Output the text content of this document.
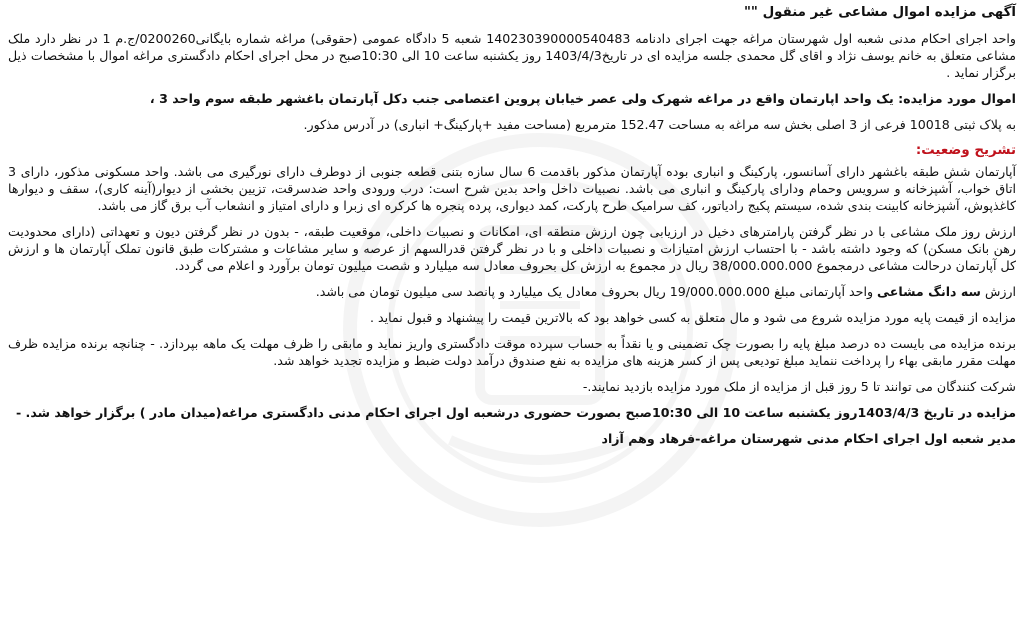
آگهی مزایده اموال مشاعی غیر منقول ""

واحد اجرای احکام مدنی شعبه اول شهرستان مراغه جهت اجرای دادنامه 140230390000540483 شعبه 5 دادگاه عمومی (حقوقی) مراغه شماره بایگانی0200260/ج.م 1 در نظر دارد ملک مشاعی متعلق به خانم یوسف نژاد و اقای گل محمدی جلسه مزایده ای در تاریخ1403/4/3 روز یکشنبه ساعت 10 الی 10:30صبح در محل اجرای احکام دادگستری مراغه اموال با مشخصات ذیل برگزار نماید .

اموال مورد مزایده: یک واحد اپارتمان واقع در مراغه شهرک ولی عصر خیابان پروین اعتصامی جنب دکل آپارتمان باغشهر طبقه سوم واحد 3 ،

به پلاک ثبتی 10018 فرعی از 3 اصلی بخش سه مراغه به مساحت 152.47 مترمربع (مساحت مفید +پارکینگ+ انباری) در آدرس مذکور.

تشریح وضعیت:

آپارتمان شش طبقه باغشهر دارای آسانسور، پارکینگ و انباری بوده آپارتمان مذکور باقدمت 6 سال سازه بتنی قطعه جنوبی از دوطرف دارای نورگیری می باشد. واحد مسکونی مذکور، دارای 3 اتاق خواب، آشپزخانه و سرویس وحمام ودارای پارکینگ و انباری می باشد. نصبیات داخل واحد بدین شرح است: درب ورودی واحد ضدسرقت، تزیین بخشی از دیوار(آینه کاری)، سقف و دیوارها کاغذپوش، آشپزخانه کابینت بندی شده، سیستم پکیج رادیاتور، کف سرامیک طرح پارکت، کمد دیواری، پرده پنجره ها کرکره ای زبرا و دارای امتیاز و انشعاب آب برق گاز می باشد.

ارزش روز ملک مشاعی با در نظر گرفتن پارامترهای دخیل در ارزیابی چون ارزش منطقه ای، امکانات و نصبیات داخلی، موقعیت طبقه، - بدون در نظر گرفتن دیون و تعهداتی (دارای محدودیت رهن بانک مسکن) که وجود داشته باشد - با احتساب ارزش امتیازات و نصبیات داخلی و با در نظر گرفتن قدرالسهم از عرصه و سایر مشاعات و مشترکات طبق قانون تملک آپارتمان ها و ارزش کل آپارتمان درحالت مشاعی درمجموع 38/000.000.000 ریال در مجموع به ارزش کل بحروف معادل سه میلیارد و شصت میلیون تومان برآورد و اعلام می گردد.

ارزش سه دانگ مشاعی واحد آپارتمانی مبلغ 19/000.000.000 ریال بحروف معادل یک میلیارد و پانصد سی میلیون تومان می باشد.

مزایده از قیمت پایه مورد مزایده شروع می شود و مال متعلق به کسی خواهد بود که بالاترین قیمت را پیشنهاد و قبول نماید .

برنده مزایده می بایست ده درصد مبلغ پایه را بصورت چک تضمینی و یا نقداً به حساب سپرده موقت دادگستری واریز نماید و مابقی را ظرف مهلت یک ماهه بپردازد. - چنانچه برنده مزایده ظرف مهلت مقرر مابقی بهاء را پرداخت ننماید مبلغ تودیعی پس از کسر هزینه های مزایده به نفع صندوق درآمد دولت ضبط و مزایده تجدید خواهد شد.

شرکت کنندگان می توانند تا 5 روز قبل از مزایده از ملک مورد مزایده بازدید نمایند.-

مزایده در تاریخ 1403/4/3روز یکشنبه ساعت 10 الی 10:30صبح بصورت حضوری درشعبه اول اجرای احکام مدنی دادگستری مراغه(میدان مادر ) برگزار خواهد شد. -

مدیر شعبه اول اجرای احکام مدنی شهرستان مراغه-فرهاد وهم آزاد
